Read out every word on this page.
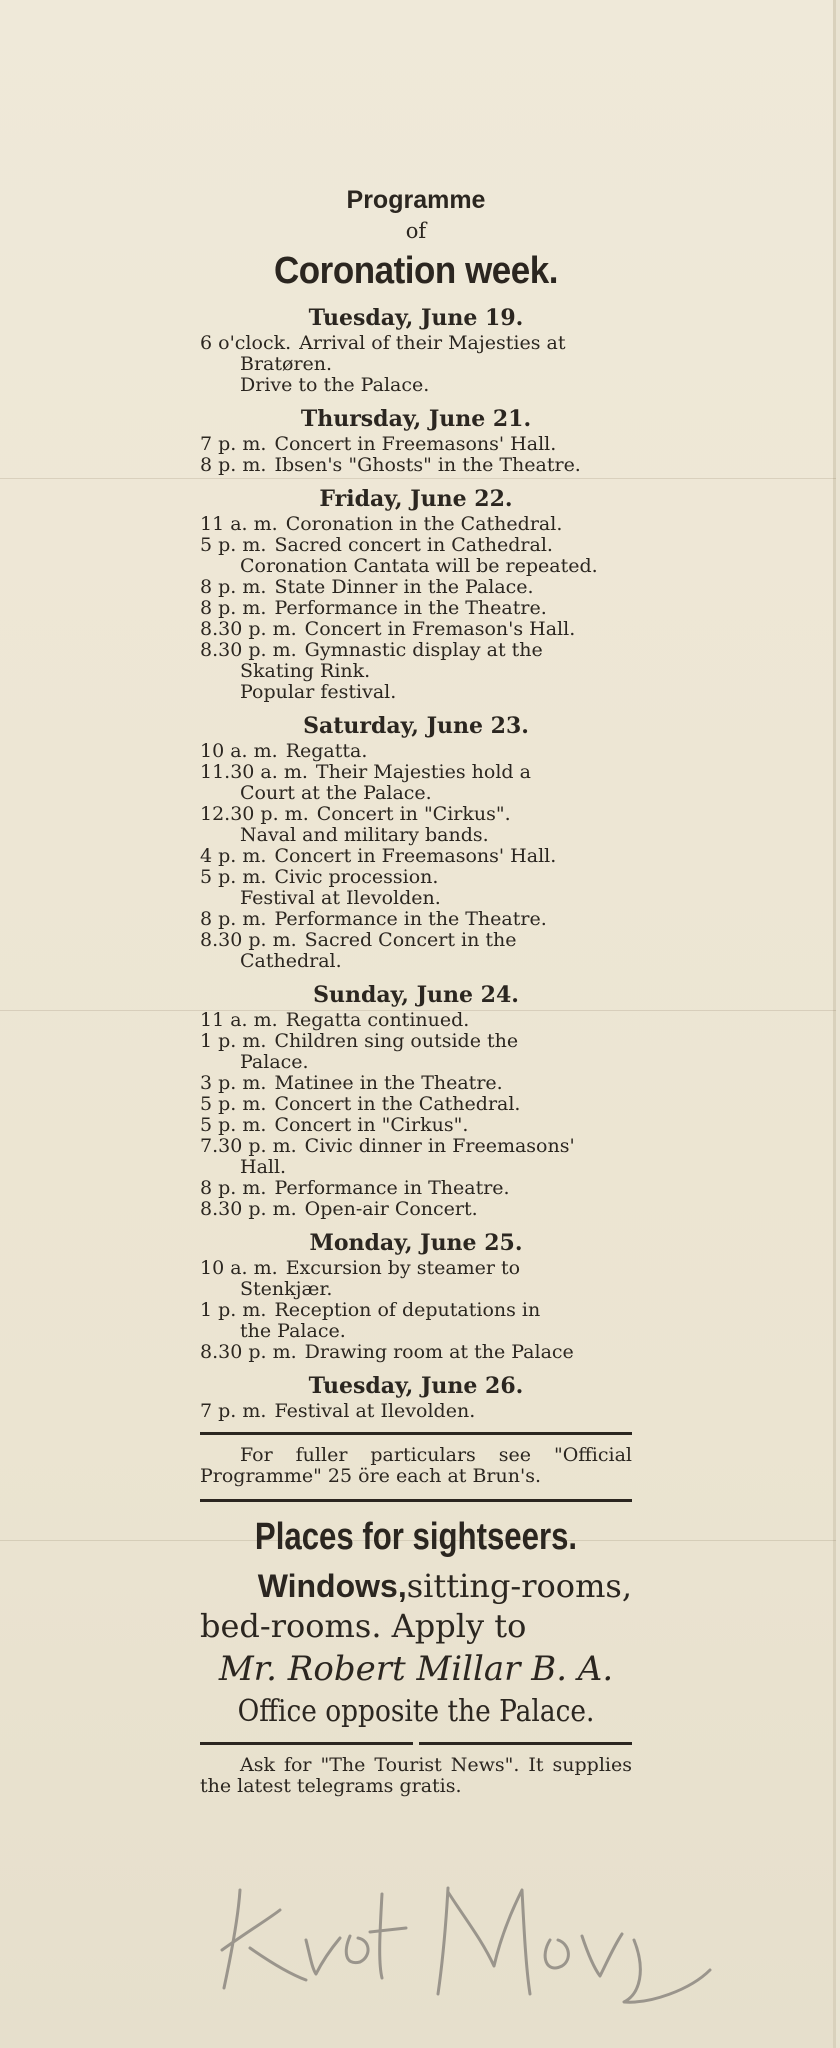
Programme
of
Coronation week.
Tuesday, June 19.
6 o'clock. Arrival of their Majesties at
Bratøren.
Drive to the Palace.
Thursday, June 21.
7 p. m. Concert in Freemasons' Hall.
8 p. m. Ibsen's "Ghosts" in the Theatre.
Friday, June 22.
11 a. m. Coronation in the Cathedral.
5 p. m. Sacred concert in Cathedral.
Coronation Cantata will be repeated.
8 p. m. State Dinner in the Palace.
8 p. m. Performance in the Theatre.
8.30 p. m. Concert in Fremason's Hall.
8.30 p. m. Gymnastic display at the
Skating Rink.
Popular festival.
Saturday, June 23.
10 a. m. Regatta.
11.30 a. m. Their Majesties hold a
Court at the Palace.
12.30 p. m. Concert in "Cirkus".
Naval and military bands.
4 p. m. Concert in Freemasons' Hall.
5 p. m. Civic procession.
Festival at Ilevolden.
8 p. m. Performance in the Theatre.
8.30 p. m. Sacred Concert in the
Cathedral.
Sunday, June 24.
11 a. m. Regatta continued.
1 p. m. Children sing outside the
Palace.
3 p. m. Matinee in the Theatre.
5 p. m. Concert in the Cathedral.
5 p. m. Concert in "Cirkus".
7.30 p. m. Civic dinner in Freemasons'
Hall.
8 p. m. Performance in Theatre.
8.30 p. m. Open-air Concert.
Monday, June 25.
10 a. m. Excursion by steamer to
Stenkjær.
1 p. m. Reception of deputations in
the Palace.
8.30 p. m. Drawing room at the Palace
Tuesday, June 26.
7 p. m. Festival at Ilevolden.
For fuller particulars see "Official Programme" 25 öre each at Brun's.
Places for sightseers.
Windows,sitting-rooms,
bed-rooms. Apply to
Mr. Robert Millar B. A.
Office opposite the Palace.
Ask for "The Tourist News". It supplies the latest telegrams gratis.
